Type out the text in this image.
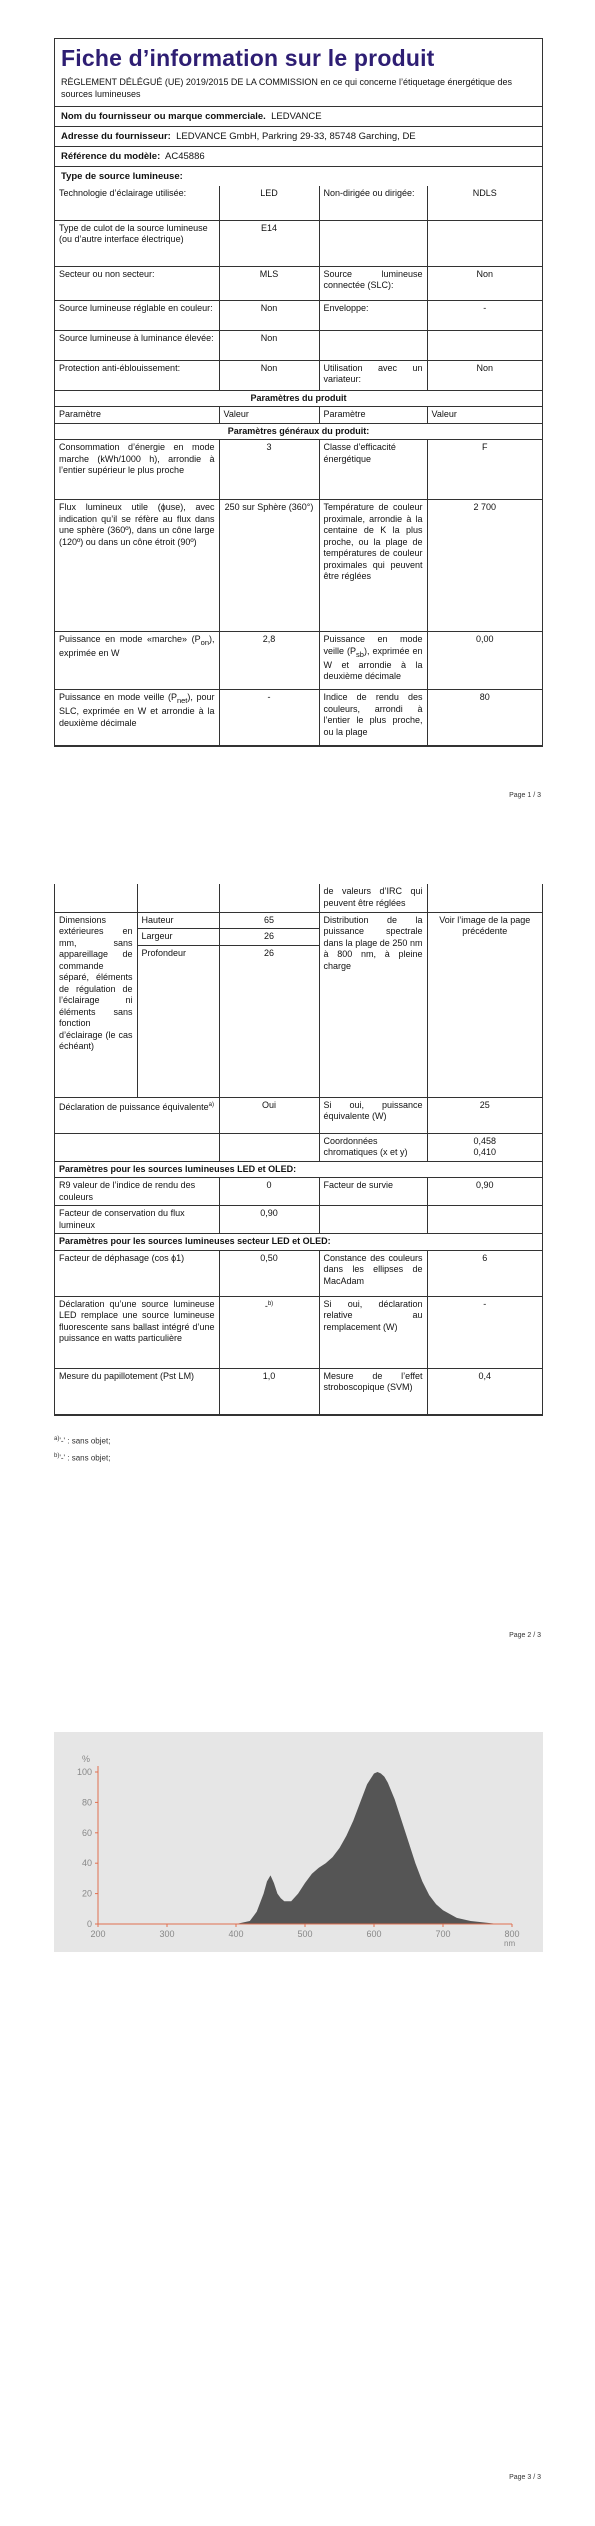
Fiche d’information sur le produit
RÈGLEMENT DÉLÉGUÉ (UE) 2019/2015 DE LA COMMISSION en ce qui concerne l’étiquetage énergétique des sources lumineuses
Nom du fournisseur ou marque commerciale. LEDVANCE
Adresse du fournisseur: LEDVANCE GmbH, Parkring 29-33, 85748 Garching, DE
Référence du modèle: AC45886
Type de source lumineuse:
Technologie d’éclairage utilisée:	LED	Non-dirigée ou dirigée:	NDLS
Type de culot de la source lumineuse (ou d’autre interface électrique)	E14		
Secteur ou non secteur:	MLS	Source lumineuse connectée (SLC):	Non
Source lumineuse réglable en couleur:	Non	Enveloppe:	-
Source lumineuse à luminance élevée:	Non		
Protection anti-éblouissement:	Non	Utilisation avec un variateur:	Non
Paramètres du produit			
Paramètre	Valeur	Paramètre	Valeur
Paramètres généraux du produit:			
Consommation d’énergie en mode marche (kWh/1000 h), arrondie à l’entier supérieur le plus proche	3	Classe d’efficacité énergétique	F
Flux lumineux utile (ɸuse), avec indication qu’il se réfère au flux dans une sphère (360º), dans un cône large (120º) ou dans un cône étroit (90º)	250 sur Sphère (360°)	Température de couleur proximale, arrondie à la centaine de K la plus proche, ou la plage de températures de couleur proximales qui peuvent être réglées	2 700
Puissance en mode «marche» $(P_{on})$, exprimée en W	2,8	Puissance en mode veille $(P_{sb})$, exprimée en W et arrondie à la deuxième décimale	0,00
Puissance en mode veille $(P_{net})$, pour SLC, exprimée en W et arrondie à la deuxième décimale	-	Indice de rendu des couleurs, arrondi à l’entier le plus proche, ou la plage	80
Page 1 / 3
			de valeurs d’IRC qui peuvent être réglées	
Dimensions extérieures en mm, sans appareillage de commande séparé, éléments de régulation de l’éclairage ni éléments sans fonction d’éclairage (le cas échéant)	Hauteur	65	Distribution de la puissance spectrale dans la plage de 250 nm à 800 nm, à pleine charge	Voir l’image de la page précédente
	Largeur	26		
	Profondeur	26		
Déclaration de puissance équivalente$^{a)}$		Oui	Si oui, puissance équivalente (W)	25
			Coordonnées chromatiques (x et y)	0,458
0,410
Paramètres pour les sources lumineuses LED et OLED:				
R9 valeur de l’indice de rendu des couleurs		0	Facteur de survie	0,90
Facteur de conservation du flux lumineux		0,90		
Paramètres pour les sources lumineuses secteur LED et OLED:				
Facteur de déphasage (cos ϕ1)		0,50	Constance des couleurs dans les ellipses de MacAdam	6
Déclaration qu’une source lumineuse LED remplace une source lumineuse fluorescente sans ballast intégré d’une puissance en watts particulière		-$^{b)}$	Si oui, déclaration relative au remplacement (W)	-
Mesure du papillotement (Pst LM)		1,0	Mesure de l’effet stroboscopique (SVM)	0,4
$^{a)}$'-' : sans objet;
$^{b)}$'-' : sans objet;
Page 2 / 3
Page 3 / 3
200	300	400	500	600	700	800
0
20
40
60
80
100
%
nm
